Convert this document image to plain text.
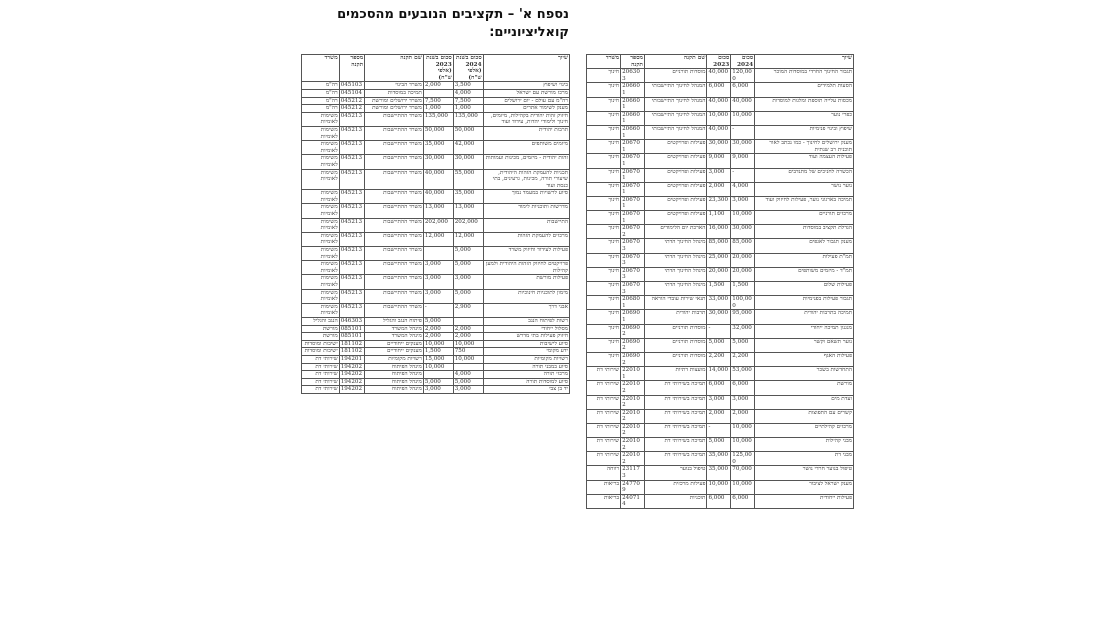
נספח א' – תקציבים הנובעים מהסכמים
קואליציוניים:
שיוך	סכום בשנת 2024 (אלפי ש"ח)	סכום בשנת 2023 (אלפי ש"ח)	שם תקנה	מספר תקנה	משרד
בינוי ושיפוץ	3,500	2,000	משרד הבינוי	045103	רה"מ
מרכז מורשת עם ישראל	4,000		תמיכה במוסדות	045104	רה"מ
רה"מ עם עולם - יום ירושלים	7,500	7,500	משרד ירושלים ומורשת	045212	רה"מ
מענק לשימור אתרים	1,000	1,000	משרד ירושלים ומורשת	045212	רה"מ
חיזוק זהות יהודית בקהילות, מיזמים, חינוך ולימודי יהדות, עידוד ועוד	135,000	135,000	משרד ההתיישבות	045213	משימות לאומיות
תרבות יהודית	50,000	50,000	משרד ההתיישבות	045213	משימות לאומיות
מיזמים משותפים	42,000	35,000	משרד ההתיישבות	045213	משימות לאומיות
זהות יהודית - מיזמים, מכינות ועמותות	30,000	30,000	משרד ההתיישבות	045213	משימות לאומיות
תכניות להעמקת הזהות היהודית, שיעורי תורה, מכינות, גרעינים, בתי כנסת ועוד	55,000	40,000	משרד ההתיישבות	045213	משימות לאומיות
סיוע לרשויות במעמד נמוך	35,000	40,000	משרד ההתיישבות	045213	משימות לאומיות
מדרשות ותוכניות לימוד	13,000	13,000	משרד ההתיישבות	045213	משימות לאומיות
התיישבות	202,000	202,000	משרד ההתיישבות	045213	משימות לאומיות
מרכזים להעמקת הזהות	12,000	12,000	משרד ההתיישבות	045213	משימות לאומיות
פעילות לעידוד וחיזוק משרד	5,000		משרד ההתיישבות	045213	משימות לאומיות
פרויקטים לחיזוק הזהות היהודית ולמען קהילות	5,000	3,000	משרד ההתיישבות	045213	משימות לאומיות
פעילות מורשת	3,000	3,000	משרד ההתיישבות	045213	משימות לאומיות
מימון לתוכניות חינוכיות	5,000	3,000	משרד ההתיישבות	045213	משימות לאומיות
אבני דרך	2,900	-	משרד ההתיישבות	045213	משימות לאומיות
רשות לפיתוח הנגב		5,000	פיתוח הנגב והגליל	046303	הנגב והגליל
מסלול ייחודי	2,000	2,000	מינהל המשרד	085101	מורשת
חיזוק פעילות בתי מדרש	2,000	2,000	מינהל המשרד	085101	מורשת
סיוע לישיבות	10,000	10,000	מענקים ייחודיים	181102	ישיבות ומוסדות
ידע מקומי	750	1,500	מענקים ייחודיים	181102	ישיבות ומוסדות
רשויות מקומיות	10,000	15,000	רשויות מקומיות	194201	שירותי דת
סיוע במבני תורה		10,000	מינהל הפיתוח	194202	שירותי דת
מרכזי תורה	4,000		מינהל הפיתוח	194202	שירותי דת
סיוע למוסדות תורה	5,000	5,000	מינהל הפיתוח	194202	שירותי דת
יד בן צבי	3,000	3,000	מינהל הפיתוח	194202	שירותי דת
שיוך	סכום 2024	סכום 2023	שם תקנה	מספר תקנה	משרד
תגבור החינוך החרדי במוסדות המוכר	120,000	40,000	מוסדות תורניים	206303	חינוך
הסעות תלמידים	6,000	6,000	המנהל לחינוך התיישבותי	206601	חינוך
מכסות עלייה תוספת ומלגות למוסדות	40,000	40,000	המנהל לחינוך התיישבותי	206601	חינוך
כפרי נוער	10,000	10,000	המנהל לחינוך התיישבותי	206601	חינוך
שיפוץ ובינוי פנימיות	-	40,000	המנהל לחינוך התיישבותי	206601	חינוך
מענק ירושלים לחינוך - כמו נכתב לאור תוכנית רב שנתית	30,000	30,000	פעילות ופרויקטים	206701	חינוך
פעילות העצמה ועוד	9,000	9,000	פעילות ופרויקטים	206701	חינוך
הכשרה לחניכים של מתנדבים	-	3,000	פעילות ופרויקטים	206701	חינוך
נוער נושר	4,000	2,000	פעילות ופרויקטים	206701	חינוך
תמיכה בארגוני נוער, פעילות לחיזוק ועוד	3,000	23,300	פעילות ופרויקטים	206701	חינוך
מרכזים תורניים	10,000	1,100	פעילות ופרויקטים	206701	חינוך
הגדלת תקציב במוסדות	30,000	16,000	הארכת יום הלימודים	206702	חינוך
מענק תגבור לאגפים	85,000	85,000	מינהל החינוך הדתי	206703	חינוך
תמ"ת פעילות	20,000	25,000	מינהל החינוך הדתי	206703	חינוך
תמ"ד - מיזמים משותפים	20,000	20,000	מינהל החינוך הדתי	206703	חינוך
פעילות שלום	1,500	1,500	מינהל החינוך הדתי	206703	חינוך
תגבור פעילות בפנימיות	100,000	33,000	תנאי שירות עובדי הוראה	206801	חינוך
תמיכה בתרבות יהודית	95,000	30,000	תרבות יהודית	206901	חינוך
מנגנון תמיכה ייחודי	32,000	-	מוסדות תורניים	206902	חינוך
נוער תשאם וקשר	5,000	5,000	מוסדות תורניים	206902	חינוך
פעילות האגף	2,200	2,200	מוסדות תורניים	206902	חינוך
התחדשות בשכר	53,000	14,000	מועצות דתיות	220101	שירותי דת
מורשת	6,000	6,000	תמיכה בשירותי דת	220102	שירותי דת
ועדת מים	3,000	3,000	תמיכה בשירותי דת	220102	שירותי דת
קשרים עם התפוצות	2,000	2,000	תמיכה בשירותי דת	220102	שירותי דת
מרכזים קהילתיים	10,000	-	תמיכה בשירותי דת	220102	שירותי דת
מבני קהילות	10,000	5,000	תמיכה בשירותי דת	220102	שירותי דת
מבני דת	125,000	35,000	תמיכה בשירותי דת	220102	שירותי דת
טיפול בנוער חרדי נושר	70,000	35,000	טיפול בנוער	231173	רווחה
מענק ישראל לציבור	10,000	10,000	פעילות מרכזית	247709	בריאות
פעילות ייחודית	6,000	6,000	תוכניות	240714	בריאות
